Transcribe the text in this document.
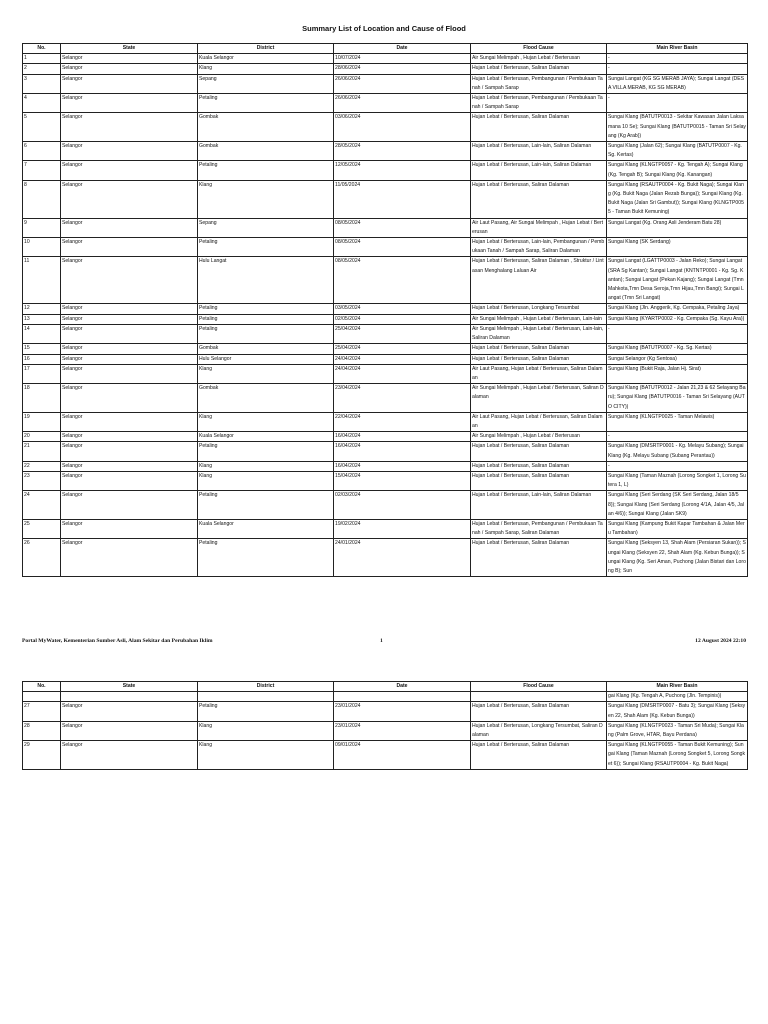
Summary List of Location and Cause of Flood
No.	State	District	Date	Flood Cause	Main River Basin
1	Selangor	Kuala Selangor	10/07/2024	Air Sungai Melimpah , Hujan Lebat / Berterusan	-
2	Selangor	Klang	28/06/2024	Hujan Lebat / Berterusan, Saliran Dalaman	-
3	Selangor	Sepang	26/06/2024	Hujan Lebat / Berterusan, Pembangunan / Pembukaan Tanah / Sampah Sarap	Sungai Langat (KG SG MERAB JAYA); Sungai Langat (DESA VILLA MERAB, KG SG MERAB)
4	Selangor	Petaling	26/06/2024	Hujan Lebat / Berterusan, Pembangunan / Pembukaan Tanah / Sampah Sarap	-
5	Selangor	Gombak	03/06/2024	Hujan Lebat / Berterusan, Saliran Dalaman	Sungai Klang (BATUTP0013 - Sekitar Kawasan Jalan Laksamana 10 Se); Sungai Klang (BATUTP0015 - Taman Sri Selayang (Kg Arab))
6	Selangor	Gombak	28/05/2024	Hujan Lebat / Berterusan, Lain-lain, Saliran Dalaman	Sungai Klang (Jalan 62); Sungai Klang (BATUTP0007 - Kg. Sg. Kertas)
7	Selangor	Petaling	12/05/2024	Hujan Lebat / Berterusan, Lain-lain, Saliran Dalaman	Sungai Klang (KLNGTP0057 - Kg. Tengah A); Sungai Klang (Kg. Tengah B); Sungai Klang (Kg. Kanangan)
8	Selangor	Klang	11/05/2024	Hujan Lebat / Berterusan, Saliran Dalaman	Sungai Klang (RSAUTP0004 - Kg. Bukit Naga); Sungai Klang (Kg. Bukit Naga (Jalan Rezab Bunga)); Sungai Klang (Kg. Bukit Naga (Jalan Sri Gambut)); Sungai Klang (KLNGTP0055 - Taman Bukit Kemuning)
9	Selangor	Sepang	08/05/2024	Air Laut Pasang, Air Sungai Melimpah , Hujan Lebat / Berterusan	Sungai Langat (Kg. Orang Asli Jenderam Batu 28)
10	Selangor	Petaling	08/05/2024	Hujan Lebat / Berterusan, Lain-lain, Pembangunan / Pembukaan Tanah / Sampah Sarap, Saliran Dalaman	Sungai Klang (SK Serdang)
11	Selangor	Hulu Langat	08/05/2024	Hujan Lebat / Berterusan, Saliran Dalaman , Struktur / Lintasan Menghalang Laluan Air	Sungai Langat (LGATTP0003 - Jalan Reko); Sungai Langat (SRA Sg Kantan); Sungai Langat (KNTNTP0001 - Kg. Sg. Kantan); Sungai Langat (Pekan Kajang); Sungai Langat (Tmn Mahkota,Tmn Desa Seroja,Tmn Hijau,Tmn Bangi); Sungai Langat (Tmn Sri Langat)
12	Selangor	Petaling	03/05/2024	Hujan Lebat / Berterusan, Longkang Tersumbat	Sungai Klang (Jln. Anggerik, Kg. Cempaka, Petaling Jaya)
13	Selangor	Petaling	02/05/2024	Air Sungai Melimpah , Hujan Lebat / Berterusan, Lain-lain	Sungai Klang (KYARTP0002 - Kg. Cempaka (Sg. Kayu Ara))
14	Selangor	Petaling	25/04/2024	Air Sungai Melimpah , Hujan Lebat / Berterusan, Lain-lain, Saliran Dalaman	-
15	Selangor	Gombak	25/04/2024	Hujan Lebat / Berterusan, Saliran Dalaman	Sungai Klang (BATUTP0007 - Kg. Sg. Kertas)
16	Selangor	Hulu Selangor	24/04/2024	Hujan Lebat / Berterusan, Saliran Dalaman	Sungai Selangor (Kg Sentosa)
17	Selangor	Klang	24/04/2024	Air Laut Pasang, Hujan Lebat / Berterusan, Saliran Dalaman	Sungai Klang (Bukit Raja, Jalan Hj. Sirat)
18	Selangor	Gombak	23/04/2024	Air Sungai Melimpah , Hujan Lebat / Berterusan, Saliran Dalaman	Sungai Klang (BATUTP0012 - Jalan 21,23 & 62 Selayang Baru); Sungai Klang (BATUTP0016 - Taman Sri Selayang (AUTO CITY))
19	Selangor	Klang	22/04/2024	Air Laut Pasang, Hujan Lebat / Berterusan, Saliran Dalaman	Sungai Klang (KLNGTP0025 - Taman Melawis)
20	Selangor	Kuala Selangor	16/04/2024	Air Sungai Melimpah , Hujan Lebat / Berterusan	-
21	Selangor	Petaling	16/04/2024	Hujan Lebat / Berterusan, Saliran Dalaman	Sungai Klang (DMSRTP0001 - Kg. Melayu Subang); Sungai Klang (Kg. Melayu Subang (Subang Perantau))
22	Selangor	Klang	16/04/2024	Hujan Lebat / Berterusan, Saliran Dalaman	-
23	Selangor	Klang	15/04/2024	Hujan Lebat / Berterusan, Saliran Dalaman	Sungai Klang (Taman Maznah (Lorong Songket 1, Lorong Sutera 1, L)
24	Selangor	Petaling	02/03/2024	Hujan Lebat / Berterusan, Lain-lain, Saliran Dalaman	Sungai Klang (Seri Serdang (SK Seri Serdang, Jalan 18/58)); Sungai Klang (Seri Serdang (Lorong 4/1A, Jalan 4/5, Jalan 4/6)); Sungai Klang (Jalan SK9)
25	Selangor	Kuala Selangor	19/02/2024	Hujan Lebat / Berterusan, Pembangunan / Pembukaan Tanah / Sampah Sarap, Saliran Dalaman	Sungai Klang (Kampung Bukit Kapar Tambahan & Jalan Meru Tambahan)
26	Selangor	Petaling	24/01/2024	Hujan Lebat / Berterusan, Saliran Dalaman	Sungai Klang (Seksyen 13, Shah Alam (Persiaran Sukan)); Sungai Klang (Seksyen 22, Shah Alam (Kg. Kebun Bunga)); Sungai Klang (Kg. Seri Aman, Puchong (Jalan Bistari dan Lorong B); Sun
Portal MyWater, Kementerian Sumber Asli, Alam Sekitar dan Perubahan Iklim	1	12 August 2024 22:10
No.	State	District	Date	Flood Cause	Main River Basin
					gai Klang (Kg. Tengah A, Puchong (Jln. Tempinis))
27	Selangor	Petaling	23/01/2024	Hujan Lebat / Berterusan, Saliran Dalaman	Sungai Klang (DMSRTP0007 - Batu 3); Sungai Klang (Seksyen 22, Shah Alam (Kg. Kebun Bunga))
28	Selangor	Klang	23/01/2024	Hujan Lebat / Berterusan, Longkang Tersumbat, Saliran Dalaman	Sungai Klang (KLNGTP0023 - Taman Sri Muda); Sungai Klang (Palm Grove, HTAR, Bayu Perdana)
29	Selangor	Klang	09/01/2024	Hujan Lebat / Berterusan, Saliran Dalaman	Sungai Klang (KLNGTP0055 - Taman Bukit Kemuning); Sungai Klang (Taman Maznah (Lorong Songket 5, Lorong Songket 6)); Sungai Klang (RSAUTP0004 - Kg. Bukit Naga)
